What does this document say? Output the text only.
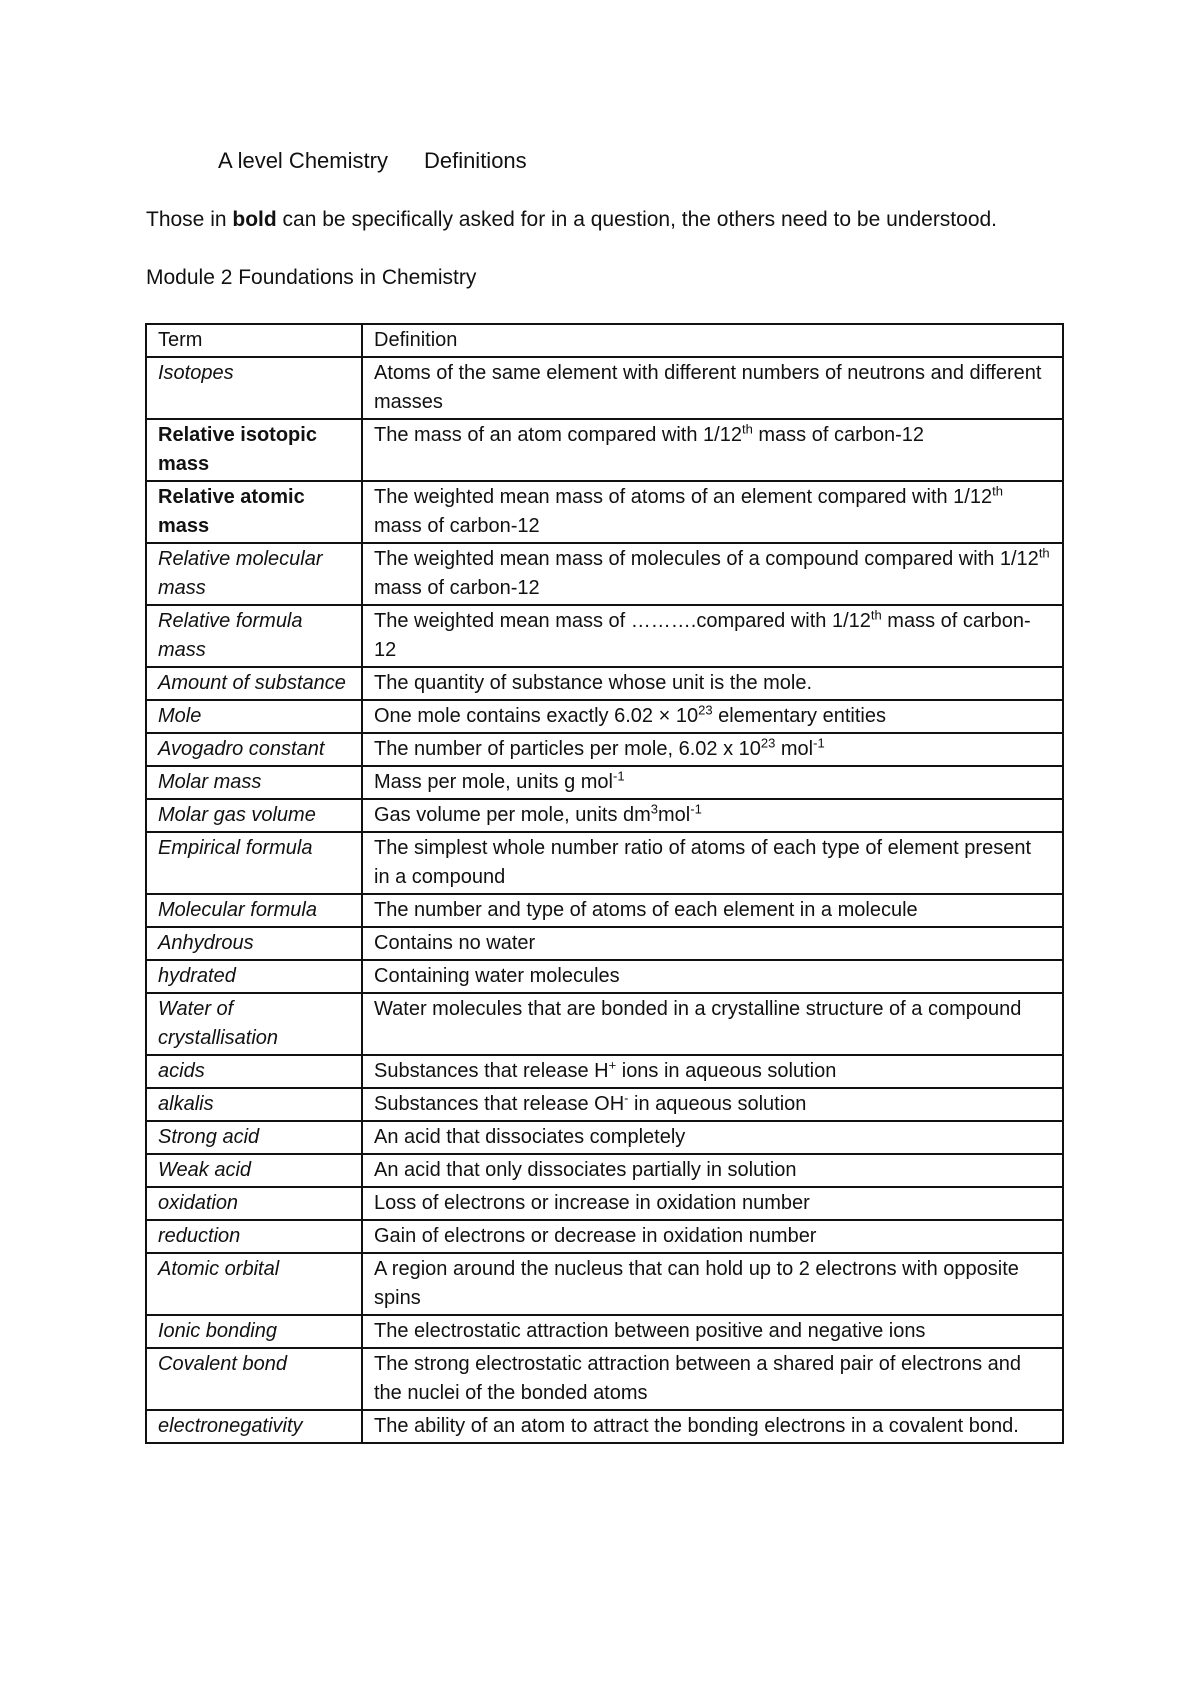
A level Chemistry Definitions
Those in bold can be specifically asked for in a question, the others need to be understood.
Module 2 Foundations in Chemistry
Term	Definition
Isotopes	Atoms of the same element with different numbers of neutrons and different masses
Relative isotopic mass	The mass of an atom compared with 1/12th mass of carbon-12
Relative atomic mass	The weighted mean mass of atoms of an element compared with 1/12th mass of carbon-12
Relative molecular mass	The weighted mean mass of molecules of a compound compared with 1/12th mass of carbon-12
Relative formula mass	The weighted mean mass of ……….compared with 1/12th mass of carbon-12
Amount of substance	The quantity of substance whose unit is the mole.
Mole	One mole contains exactly $6.02 \times 10^{23}$ elementary entities
Avogadro constant	The number of particles per mole, 6.02 x $10^{23}$ mol$^{-1}$
Molar mass	Mass per mole, units g mol$^{-1}$
Molar gas volume	Gas volume per mole, units $dm^3mol^{-1}$
Empirical formula	The simplest whole number ratio of atoms of each type of element present in a compound
Molecular formula	The number and type of atoms of each element in a molecule
Anhydrous	Contains no water
hydrated	Containing water molecules
Water of crystallisation	Water molecules that are bonded in a crystalline structure of a compound
acids	Substances that release H+ ions in aqueous solution
alkalis	Substances that release OH- in aqueous solution
Strong acid	An acid that dissociates completely
Weak acid	An acid that only dissociates partially in solution
oxidation	Loss of electrons or increase in oxidation number
reduction	Gain of electrons or decrease in oxidation number
Atomic orbital	A region around the nucleus that can hold up to 2 electrons with opposite spins
Ionic bonding	The electrostatic attraction between positive and negative ions
Covalent bond	The strong electrostatic attraction between a shared pair of electrons and the nuclei of the bonded atoms
electronegativity	The ability of an atom to attract the bonding electrons in a covalent bond.
